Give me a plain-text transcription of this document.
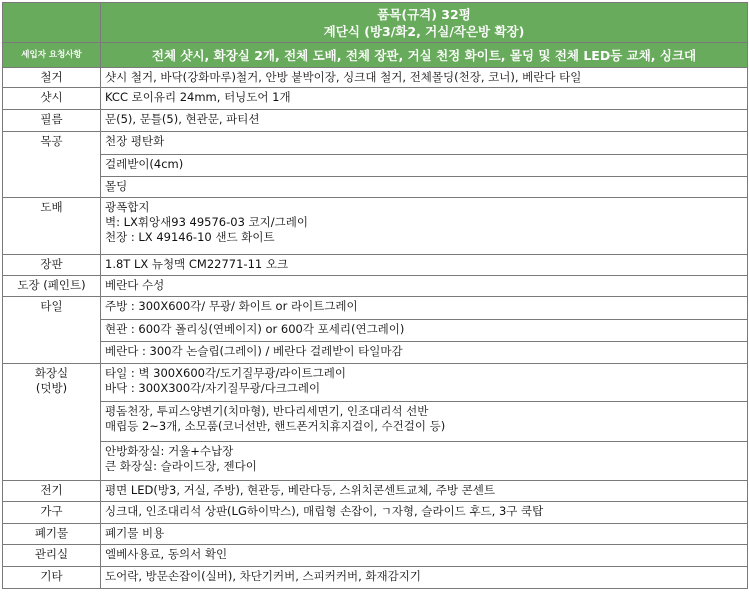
	품목(규격) 32평
계단식 (방3/화2, 거실/작은방 확장)

세입자 요청사항	전체 샷시, 화장실 2개, 전체 도배, 전체 장판, 거실 천정 화이트, 몰딩 및 전체 LED등 교채, 싱크대
철거	샷시 철거, 바닥(강화마루)철거, 안방 붙박이장, 싱크대 철거, 전체몰딩(천장, 코너), 베란다 타일
샷시	KCC 로이유리 24mm, 터닝도어 1개
필름	문(5), 문틀(5), 현관문, 파티션
목공	천장 평탄화
	걸레받이(4cm)
	몰딩
도배	광폭합지
벽: LX휘앙새93 49576-03 코지/그레이
천장 : LX 49146-10 샌드 화이트

장판	1.8T LX 뉴청맥 CM22771-11 오크
도장 (페인트)	베란다 수성
타일	주방 : 300X600각/ 무광/ 화이트 or 라이트그레이
	현관 : 600각 폴리싱(연베이지) or 600각 포세리(연그레이)
	베란다 : 300각 논슬립(그레이) / 베란다 걸레받이 타일마감

화장실
(덧방)	타일 : 벽 300X600각/도기질무광/라이트그레이
바닥 : 300X300각/자기질무광/다크그레이

	평돔천장, 투피스양변기(치마형), 반다리세면기, 인조대리석 선반
매립등 2~3개, 소모품(코너선반, 핸드폰거치휴지걸이, 수건걸이 등)

	안방화장실: 거울+수납장
큰 화장실: 슬라이드장, 젠다이

전기	평면 LED(방3, 거실, 주방), 현관등, 베란다등, 스위치콘센트교체, 주방 콘센트
가구	싱크대, 인조대리석 상판(LG하이막스), 매립형 손잡이, ㄱ자형, 슬라이드 후드, 3구 쿡탑
폐기물	폐기물 비용
관리실	엘베사용료, 동의서 확인
기타	도어락, 방문손잡이(실버), 차단기커버, 스피커커버, 화재감지기
